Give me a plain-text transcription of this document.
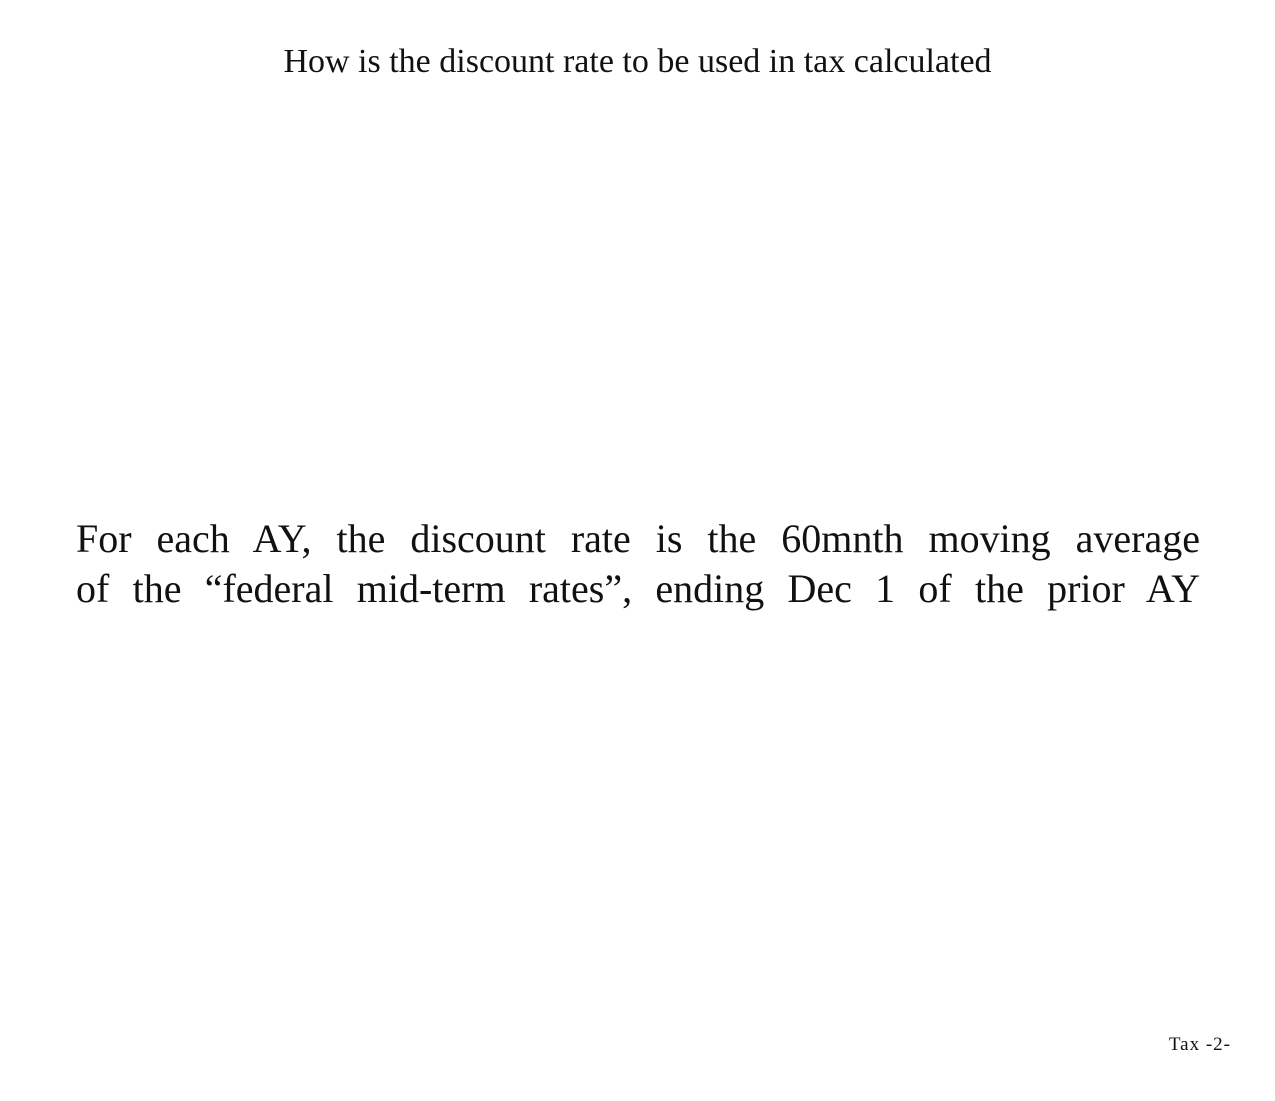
How is the discount rate to be used in tax calculated
For each AY, the discount rate is the 60mnth moving average
of the “federal mid-term rates”, ending Dec 1 of the prior AY
Tax -2-
